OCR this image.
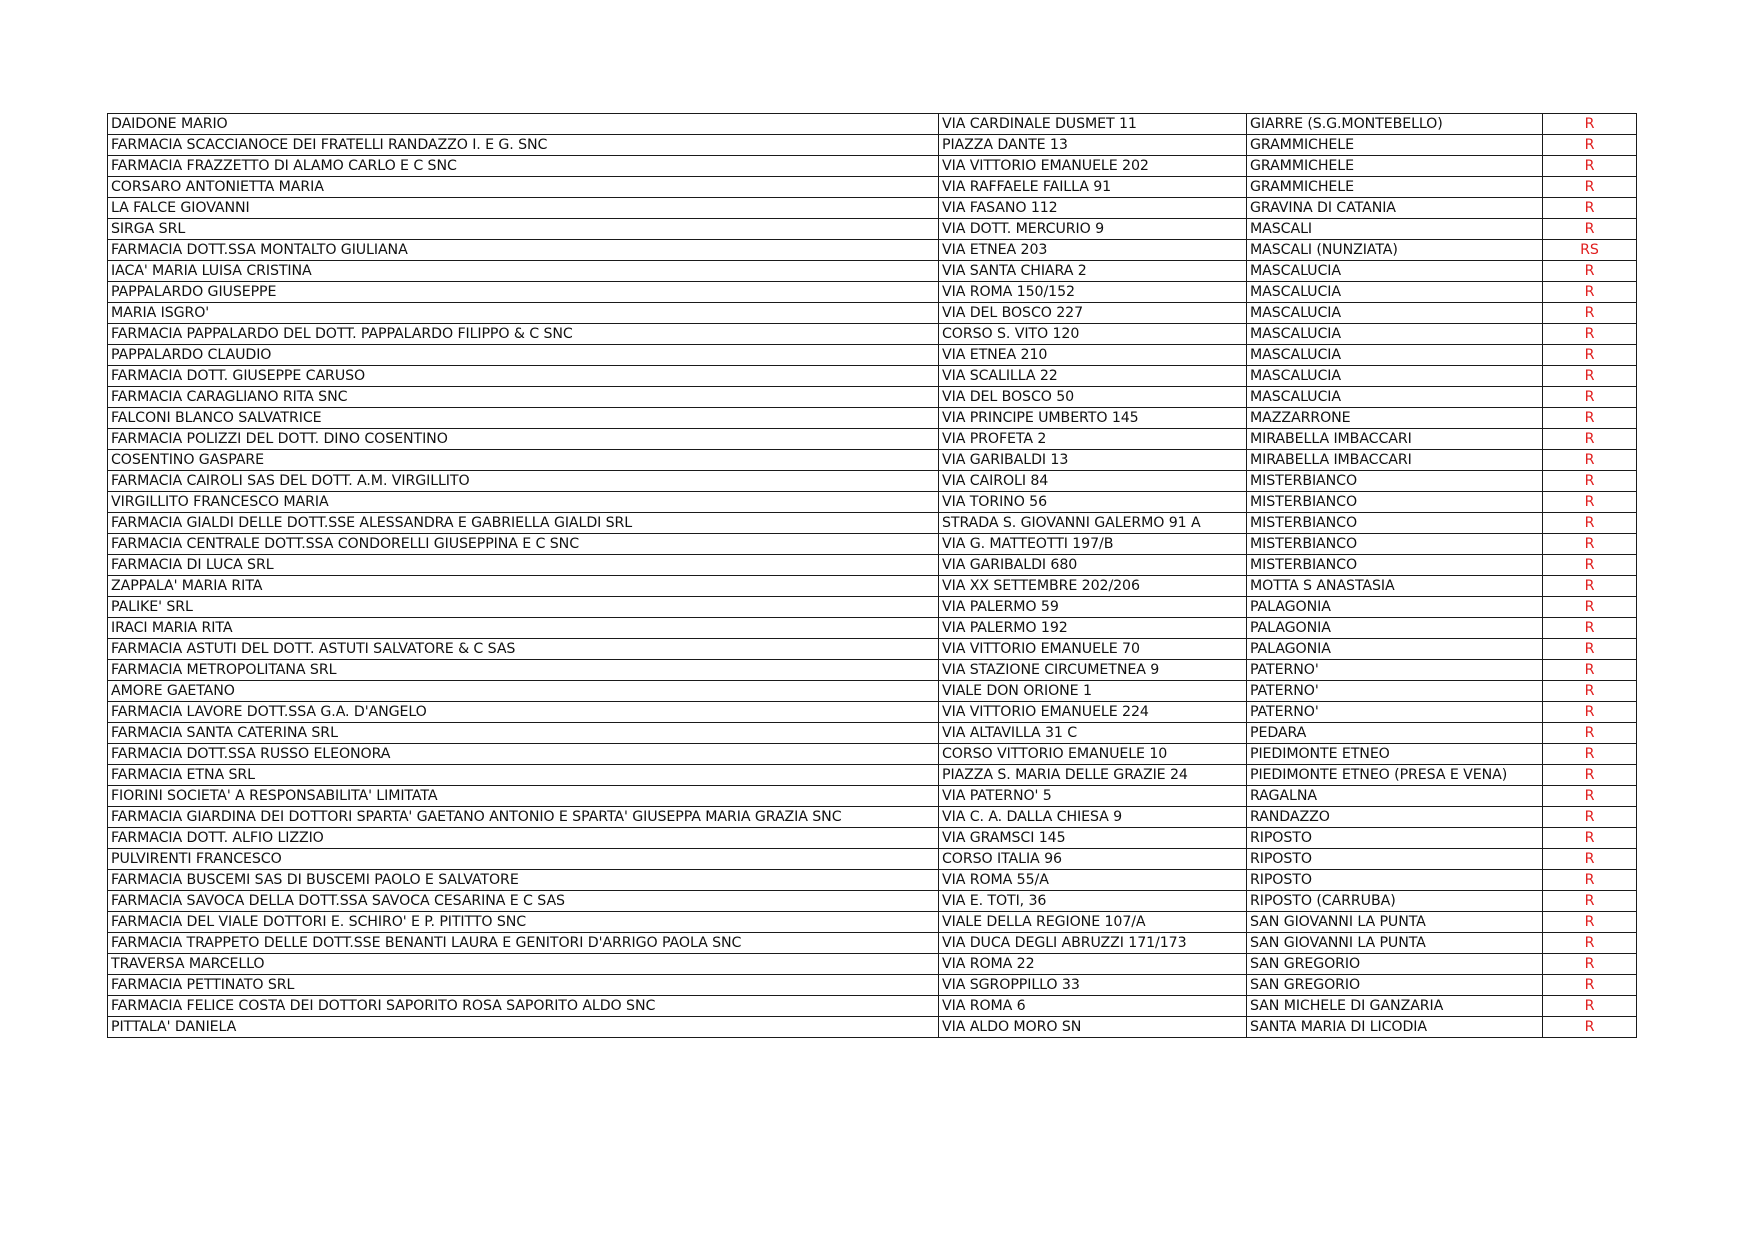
DAIDONE MARIO	VIA CARDINALE DUSMET 11	GIARRE (S.G.MONTEBELLO)	R
FARMACIA SCACCIANOCE DEI FRATELLI RANDAZZO I. E G. SNC	PIAZZA DANTE 13	GRAMMICHELE	R
FARMACIA FRAZZETTO DI ALAMO CARLO E C SNC	VIA VITTORIO EMANUELE 202	GRAMMICHELE	R
CORSARO ANTONIETTA MARIA	VIA RAFFAELE FAILLA 91	GRAMMICHELE	R
LA FALCE GIOVANNI	VIA FASANO 112	GRAVINA DI CATANIA	R
SIRGA SRL	VIA DOTT. MERCURIO 9	MASCALI	R
FARMACIA DOTT.SSA MONTALTO GIULIANA	VIA ETNEA 203	MASCALI (NUNZIATA)	RS
IACA' MARIA LUISA CRISTINA	VIA SANTA CHIARA 2	MASCALUCIA	R
PAPPALARDO GIUSEPPE	VIA ROMA 150/152	MASCALUCIA	R
MARIA ISGRO'	VIA DEL BOSCO 227	MASCALUCIA	R
FARMACIA PAPPALARDO DEL DOTT. PAPPALARDO FILIPPO & C SNC	CORSO S. VITO 120	MASCALUCIA	R
PAPPALARDO CLAUDIO	VIA ETNEA 210	MASCALUCIA	R
FARMACIA DOTT. GIUSEPPE CARUSO	VIA SCALILLA 22	MASCALUCIA	R
FARMACIA CARAGLIANO RITA SNC	VIA DEL BOSCO 50	MASCALUCIA	R
FALCONI BLANCO SALVATRICE	VIA PRINCIPE UMBERTO 145	MAZZARRONE	R
FARMACIA POLIZZI DEL DOTT. DINO COSENTINO	VIA PROFETA 2	MIRABELLA IMBACCARI	R
COSENTINO GASPARE	VIA GARIBALDI 13	MIRABELLA IMBACCARI	R
FARMACIA CAIROLI SAS DEL DOTT. A.M. VIRGILLITO	VIA CAIROLI 84	MISTERBIANCO	R
VIRGILLITO FRANCESCO MARIA	VIA TORINO 56	MISTERBIANCO	R
FARMACIA GIALDI DELLE DOTT.SSE ALESSANDRA E GABRIELLA GIALDI SRL	STRADA S. GIOVANNI GALERMO 91 A	MISTERBIANCO	R
FARMACIA CENTRALE DOTT.SSA CONDORELLI GIUSEPPINA E C SNC	VIA G. MATTEOTTI 197/B	MISTERBIANCO	R
FARMACIA DI LUCA SRL	VIA GARIBALDI 680	MISTERBIANCO	R
ZAPPALA' MARIA RITA	VIA XX SETTEMBRE 202/206	MOTTA S ANASTASIA	R
PALIKE' SRL	VIA PALERMO 59	PALAGONIA	R
IRACI MARIA RITA	VIA PALERMO 192	PALAGONIA	R
FARMACIA ASTUTI DEL DOTT. ASTUTI SALVATORE & C SAS	VIA VITTORIO EMANUELE 70	PALAGONIA	R
FARMACIA METROPOLITANA SRL	VIA STAZIONE CIRCUMETNEA 9	PATERNO'	R
AMORE GAETANO	VIALE DON ORIONE 1	PATERNO'	R
FARMACIA LAVORE DOTT.SSA G.A. D'ANGELO	VIA VITTORIO EMANUELE 224	PATERNO'	R
FARMACIA SANTA CATERINA SRL	VIA ALTAVILLA 31 C	PEDARA	R
FARMACIA DOTT.SSA RUSSO ELEONORA	CORSO VITTORIO EMANUELE 10	PIEDIMONTE ETNEO	R
FARMACIA ETNA SRL	PIAZZA S. MARIA DELLE GRAZIE 24	PIEDIMONTE ETNEO (PRESA E VENA)	R
FIORINI SOCIETA' A RESPONSABILITA' LIMITATA	VIA PATERNO' 5	RAGALNA	R
FARMACIA GIARDINA DEI DOTTORI SPARTA' GAETANO ANTONIO E SPARTA' GIUSEPPA MARIA GRAZIA SNC	VIA C. A. DALLA CHIESA 9	RANDAZZO	R
FARMACIA DOTT. ALFIO LIZZIO	VIA GRAMSCI 145	RIPOSTO	R
PULVIRENTI FRANCESCO	CORSO ITALIA 96	RIPOSTO	R
FARMACIA BUSCEMI SAS DI BUSCEMI PAOLO E SALVATORE	VIA ROMA 55/A	RIPOSTO	R
FARMACIA SAVOCA DELLA DOTT.SSA SAVOCA CESARINA E C SAS	VIA E. TOTI, 36	RIPOSTO (CARRUBA)	R
FARMACIA DEL VIALE DOTTORI E. SCHIRO' E P. PITITTO SNC	VIALE DELLA REGIONE 107/A	SAN GIOVANNI LA PUNTA	R
FARMACIA TRAPPETO DELLE DOTT.SSE BENANTI LAURA E GENITORI D'ARRIGO PAOLA SNC	VIA DUCA DEGLI ABRUZZI 171/173	SAN GIOVANNI LA PUNTA	R
TRAVERSA MARCELLO	VIA ROMA 22	SAN GREGORIO	R
FARMACIA PETTINATO SRL	VIA SGROPPILLO 33	SAN GREGORIO	R
FARMACIA FELICE COSTA DEI DOTTORI SAPORITO ROSA SAPORITO ALDO SNC	VIA ROMA 6	SAN MICHELE DI GANZARIA	R
PITTALA' DANIELA	VIA ALDO MORO SN	SANTA MARIA DI LICODIA	R
